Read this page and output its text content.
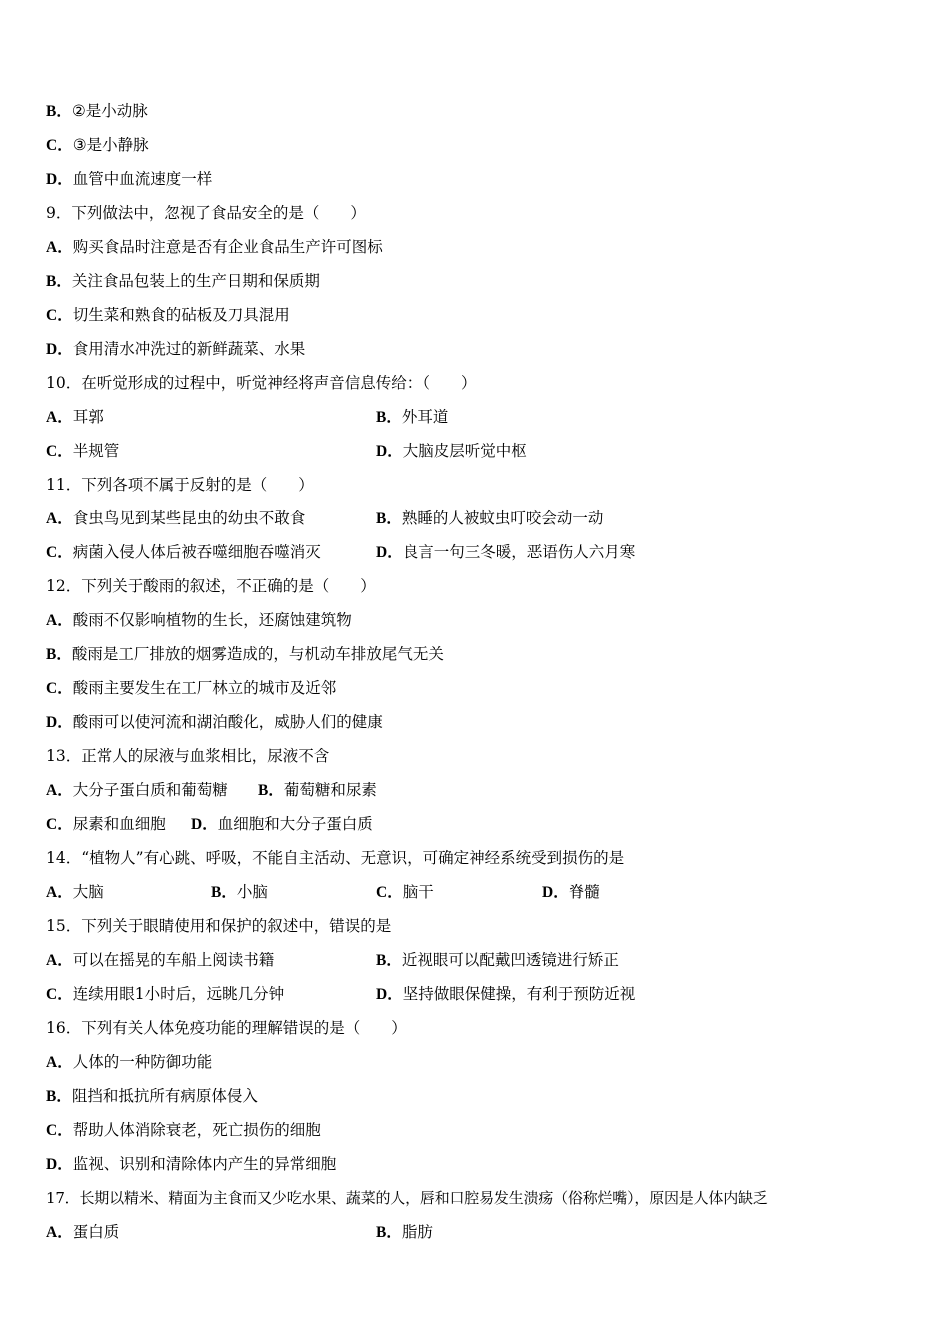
B．②是小动脉
C．③是小静脉
D．血管中血流速度一样
9．下列做法中，忽视了食品安全的是（　　）
A．购买食品时注意是否有企业食品生产许可图标
B．关注食品包装上的生产日期和保质期
C．切生菜和熟食的砧板及刀具混用
D．食用清水冲洗过的新鲜蔬菜、水果
10．在听觉形成的过程中，听觉神经将声音信息传给：（　　）
A．耳郭	B．外耳道
C．半规管	D．大脑皮层听觉中枢
11．下列各项不属于反射的是（　　）
A．食虫鸟见到某些昆虫的幼虫不敢食	B．熟睡的人被蚊虫叮咬会动一动
C．病菌入侵人体后被吞噬细胞吞噬消灭	D．良言一句三冬暖，恶语伤人六月寒
12．下列关于酸雨的叙述，不正确的是（　　）
A．酸雨不仅影响植物的生长，还腐蚀建筑物
B．酸雨是工厂排放的烟雾造成的，与机动车排放尾气无关
C．酸雨主要发生在工厂林立的城市及近邻
D．酸雨可以使河流和湖泊酸化，威胁人们的健康
13．正常人的尿液与血浆相比，尿液不含
A．大分子蛋白质和葡萄糖 B．葡萄糖和尿素
C．尿素和血细胞 D．血细胞和大分子蛋白质
14．“植物人”有心跳、呼吸，不能自主活动、无意识，可确定神经系统受到损伤的是
A．大脑	B．小脑	C．脑干	D．脊髓
15．下列关于眼睛使用和保护的叙述中，错误的是
A．可以在摇晃的车船上阅读书籍	B．近视眼可以配戴凹透镜进行矫正
C．连续用眼1小时后，远眺几分钟	D．坚持做眼保健操，有利于预防近视
16．下列有关人体免疫功能的理解错误的是（　　）
A．人体的一种防御功能
B．阻挡和抵抗所有病原体侵入
C．帮助人体消除衰老，死亡损伤的细胞
D．监视、识别和清除体内产生的异常细胞
17．长期以精米、精面为主食而又少吃水果、蔬菜的人，唇和口腔易发生溃疡（俗称烂嘴），原因是人体内缺乏
A．蛋白质	B．脂肪
